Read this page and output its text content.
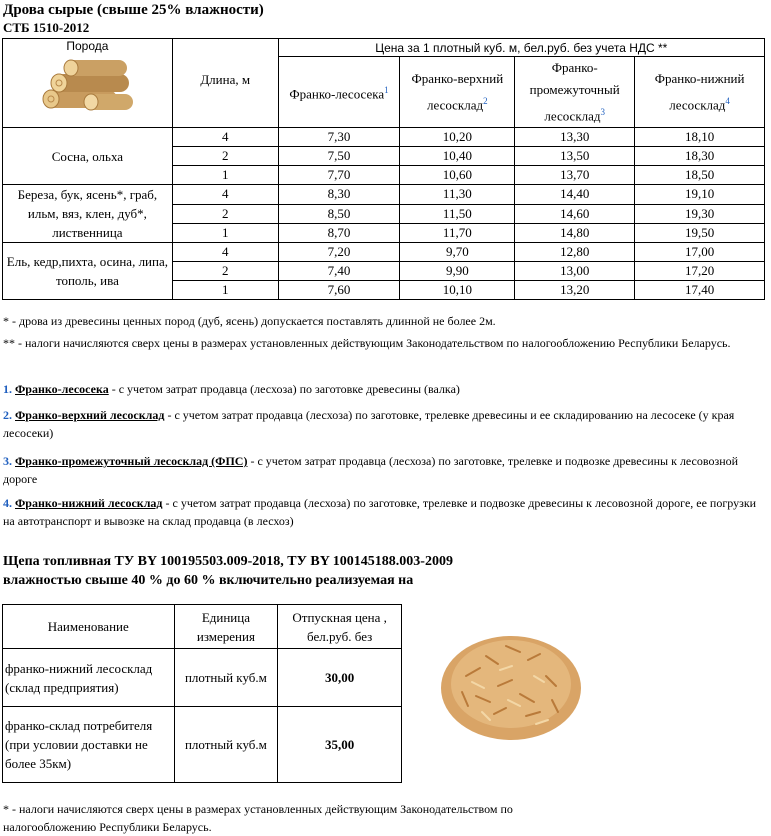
Дрова сырые (свыше 25% влажности)
СТБ 1510-2012
Порода	Длина, м	Цена за 1 плотный куб. м, бел.руб. без учета НДС **			
		Франко-лесосека$^1$	Франко-верхний лесосклад$^2$	Франко-промежуточный лесосклад$^3$	Франко-нижний лесосклад$^4$
Сосна, ольха	4	7,30	10,20	13,30	18,10
	2	7,50	10,40	13,50	18,30
	1	7,70	10,60	13,70	18,50
Береза, бук, ясень*, граб, ильм, вяз, клен, дуб*, лиственница	4	8,30	11,30	14,40	19,10
	2	8,50	11,50	14,60	19,30
	1	8,70	11,70	14,80	19,50
Ель, кедр,пихта, осина, липа, тополь, ива	4	7,20	9,70	12,80	17,00
	2	7,40	9,90	13,00	17,20
	1	7,60	10,10	13,20	17,40
* - дрова из древесины ценных пород (дуб, ясень) допускается поставлять длинной не более 2м.
** - налоги начисляются сверх цены в размерах установленных действующим Законодательством по налогообложению Республики Беларусь.
1. Франко-лесосека - с учетом затрат продавца (лесхоза) по заготовке древесины (валка)
2. Франко-верхний лесосклад - с учетом затрат продавца (лесхоза) по заготовке, трелевке древесины и ее складированию на лесосеке (у края лесосеки)
3. Франко-промежуточный лесосклад (ФПС) - с учетом затрат продавца (лесхоза) по заготовке, трелевке и подвозке древесины к лесовозной дороге
4. Франко-нижний лесосклад - с учетом затрат продавца (лесхоза) по заготовке, трелевке и подвозке древесины к лесовозной дороге, ее погрузки на автотранспорт и вывозке на склад продавца (в лесхоз)
Щепа топливная ТУ BY 100195503.009-2018, ТУ BY 100145188.003-2009
влажностью свыше 40 % до 60 % включительно реализуемая на
Наименование	Единица измерения	Отпускная цена , бел.руб. без
франко-нижний лесосклад (склад предприятия)	плотный куб.м	30,00
франко-склад потребителя (при условии доставки не более 35км)	плотный куб.м	35,00
* - налоги начисляются сверх цены в размерах установленных действующим Законодательством по налогообложению Республики Беларусь.
